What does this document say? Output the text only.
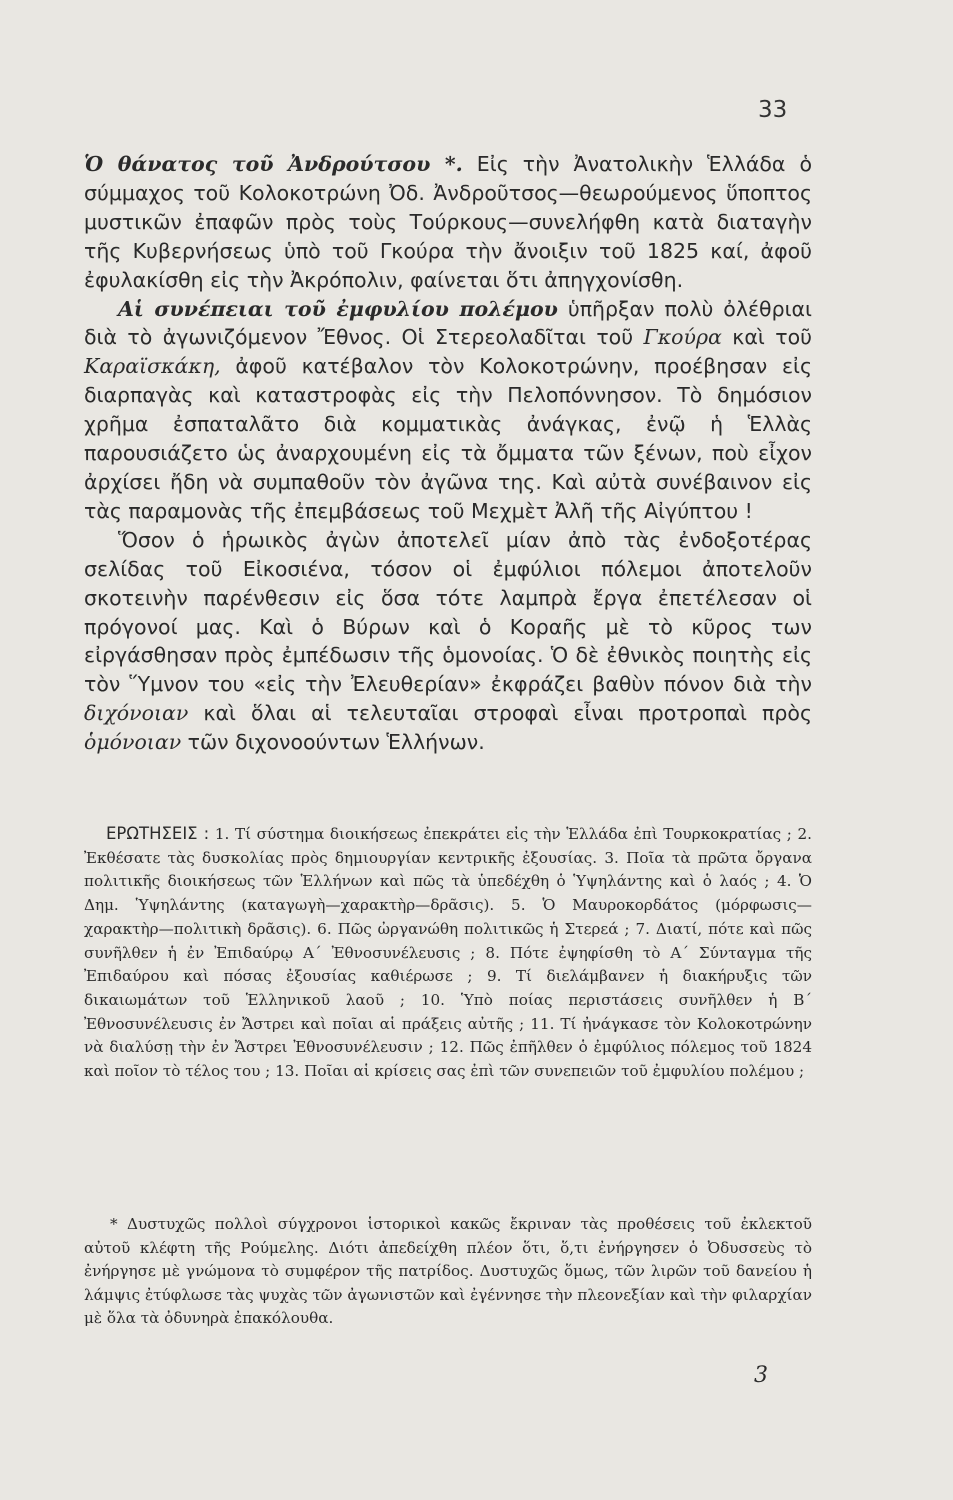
33

Ὁ θάνατος τοῦ Ἀνδρούτσου *. Εἰς τὴν Ἀνατολικὴν Ἑλλάδα ὁ σύμμαχος τοῦ Κολοκοτρώνη Ὀδ. Ἀνδροῦτσος—θεωρούμενος ὕποπτος μυστικῶν ἐπαφῶν πρὸς τοὺς Τούρκους—συνελήφθη κατὰ διαταγὴν τῆς Κυβερνήσεως ὑπὸ τοῦ Γκούρα τὴν ἄνοιξιν τοῦ 1825 καί, ἀφοῦ ἐφυλακίσθη εἰς τὴν Ἀκρόπολιν, φαίνεται ὅτι ἀπηγχονίσθη.

Αἱ συνέπειαι τοῦ ἐμφυλίου πολέμου ὑπῆρξαν πολὺ ὀλέθριαι διὰ τὸ ἀγωνιζόμενον Ἔθνος. Οἱ Στερεολαδῖται τοῦ Γκούρα καὶ τοῦ Καραϊσκάκη, ἀφοῦ κατέβαλον τὸν Κολοκοτρώνην, προέβησαν εἰς διαρπαγὰς καὶ καταστροφὰς εἰς τὴν Πελοπόννησον. Τὸ δημόσιον χρῆμα ἐσπαταλᾶτο διὰ κομματικὰς ἀνάγκας, ἐνῷ ἡ Ἑλλὰς παρουσιάζετο ὡς ἀναρχουμένη εἰς τὰ ὄμματα τῶν ξένων, ποὺ εἶχον ἀρχίσει ἤδη νὰ συμπαθοῦν τὸν ἀγῶνα της. Καὶ αὐτὰ συνέβαινον εἰς τὰς παραμονὰς τῆς ἐπεμβάσεως τοῦ Μεχμὲτ Ἀλῆ τῆς Αἰγύπτου !

Ὅσον ὁ ἡρωικὸς ἀγὼν ἀποτελεῖ μίαν ἀπὸ τὰς ἐνδοξοτέρας σελίδας τοῦ Εἰκοσιένα, τόσον οἱ ἐμφύλιοι πόλεμοι ἀποτελοῦν σκοτεινὴν παρένθεσιν εἰς ὅσα τότε λαμπρὰ ἔργα ἐπετέλεσαν οἱ πρόγονοί μας. Καὶ ὁ Βύρων καὶ ὁ Κοραῆς μὲ τὸ κῦρος των εἰργάσθησαν πρὸς ἐμπέδωσιν τῆς ὁμονοίας. Ὁ δὲ ἐθνικὸς ποιητὴς εἰς τὸν Ὕμνον του «εἰς τὴν Ἐλευθερίαν» ἐκφράζει βαθὺν πόνον διὰ τὴν διχόνοιαν καὶ ὅλαι αἱ τελευταῖαι στροφαὶ εἶναι προτροπαὶ πρὸς ὁμόνοιαν τῶν διχονοούντων Ἑλλήνων.

ΕΡΩΤΗΣΕΙΣ : 1. Τί σύστημα διοικήσεως ἐπεκράτει εἰς τὴν Ἑλλάδα ἐπὶ Τουρκοκρατίας ; 2. Ἐκθέσατε τὰς δυσκολίας πρὸς δημιουργίαν κεντρικῆς ἐξουσίας. 3. Ποῖα τὰ πρῶτα ὄργανα πολιτικῆς διοικήσεως τῶν Ἑλλήνων καὶ πῶς τὰ ὑπεδέχθη ὁ Ὑψηλάντης καὶ ὁ λαός ; 4. Ὁ Δημ. Ὑψηλάντης (καταγωγὴ—χαρακτὴρ—δρᾶσις). 5. Ὁ Μαυροκορδάτος (μόρφωσις—χαρακτὴρ—πολιτικὴ δρᾶσις). 6. Πῶς ὠργανώθη πολιτικῶς ἡ Στερεά ; 7. Διατί, πότε καὶ πῶς συνῆλθεν ἡ ἐν Ἐπιδαύρῳ Α΄ Ἐθνοσυνέλευσις ; 8. Πότε ἐψηφίσθη τὸ Α΄ Σύνταγμα τῆς Ἐπιδαύρου καὶ πόσας ἐξουσίας καθιέρωσε ; 9. Τί διελάμβανεν ἡ διακήρυξις τῶν δικαιωμάτων τοῦ Ἑλληνικοῦ λαοῦ ; 10. Ὑπὸ ποίας περιστάσεις συνῆλθεν ἡ Β΄ Ἐθνοσυνέλευσις ἐν Ἄστρει καὶ ποῖαι αἱ πράξεις αὐτῆς ; 11. Τί ἠνάγκασε τὸν Κολοκοτρώνην νὰ διαλύσῃ τὴν ἐν Ἄστρει Ἐθνοσυνέλευσιν ; 12. Πῶς ἐπῆλθεν ὁ ἐμφύλιος πόλεμος τοῦ 1824 καὶ ποῖον τὸ τέλος του ; 13. Ποῖαι αἱ κρίσεις σας ἐπὶ τῶν συνεπειῶν τοῦ ἐμφυλίου πολέμου ;

* Δυστυχῶς πολλοὶ σύγχρονοι ἱστορικοὶ κακῶς ἔκριναν τὰς προθέσεις τοῦ ἐκλεκτοῦ αὐτοῦ κλέφτη τῆς Ρούμελης. Διότι ἀπεδείχθη πλέον ὅτι, ὅ,τι ἐνήργησεν ὁ Ὀδυσσεὺς τὸ ἐνήργησε μὲ γνώμονα τὸ συμφέρον τῆς πατρίδος. Δυστυχῶς ὅμως, τῶν λιρῶν τοῦ δανείου ἡ λάμψις ἐτύφλωσε τὰς ψυχὰς τῶν ἀγωνιστῶν καὶ ἐγέννησε τὴν πλεονεξίαν καὶ τὴν φιλαρχίαν μὲ ὅλα τὰ ὀδυνηρὰ ἐπακόλουθα.

3
